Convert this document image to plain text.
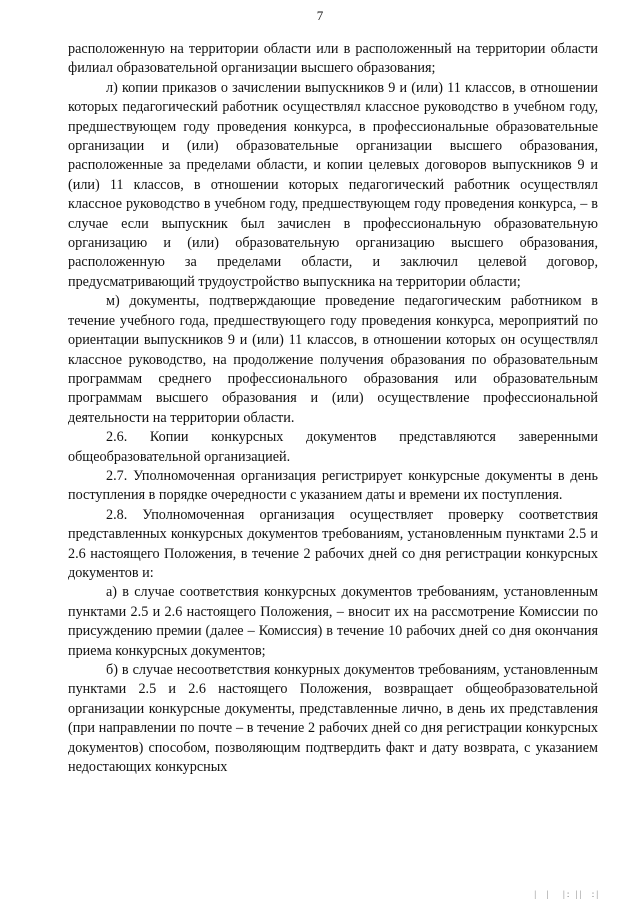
7

расположенную на территории области или в расположенный на территории области филиал образовательной организации высшего образования;

л) копии приказов о зачислении выпускников 9 и (или) 11 классов, в отношении которых педагогический работник осуществлял классное руководство в учебном году, предшествующем году проведения конкурса, в профессиональные образовательные организации и (или) образовательные организации высшего образования, расположенные за пределами области, и копии целевых договоров выпускников 9 и (или) 11 классов, в отношении которых педагогический работник осуществлял классное руководство в учебном году, предшествующем году проведения конкурса, – в случае если выпускник был зачислен в профессиональную образовательную организацию и (или) образовательную организацию высшего образования, расположенную за пределами области, и заключил целевой договор, предусматривающий трудоустройство выпускника на территории области;

м) документы, подтверждающие проведение педагогическим работником в течение учебного года, предшествующего году проведения конкурса, мероприятий по ориентации выпускников 9 и (или) 11 классов, в отношении которых он осуществлял классное руководство, на продолжение получения образования по образовательным программам среднего профессионального образования или образовательным программам высшего образования и (или) осуществление профессиональной деятельности на территории области.

2.6. Копии конкурсных документов представляются заверенными общеобразовательной организацией.

2.7. Уполномоченная организация регистрирует конкурсные документы в день поступления в порядке очередности с указанием даты и времени их поступления.

2.8. Уполномоченная организация осуществляет проверку соответствия представленных конкурсных документов требованиям, установленным пунктами 2.5 и 2.6 настоящего Положения, в течение 2 рабочих дней со дня регистрации конкурсных документов и:

а) в случае соответствия конкурсных документов требованиям, установленным пунктами 2.5 и 2.6 настоящего Положения, – вносит их на рассмотрение Комиссии по присуждению премии (далее – Комиссия) в течение 10 рабочих дней со дня окончания приема конкурсных документов;

б) в случае несоответствия конкурных документов требованиям, установленным пунктами 2.5 и 2.6 настоящего Положения, возвращает общеобразовательной организации конкурсные документы, представленные лично, в день их представления (при направлении по почте – в течение 2 рабочих дней со дня регистрации конкурсных документов) способом, позволяющим подтвердить факт и дату возврата, с указанием недостающих конкурсных

|  |   |: ||  :|
